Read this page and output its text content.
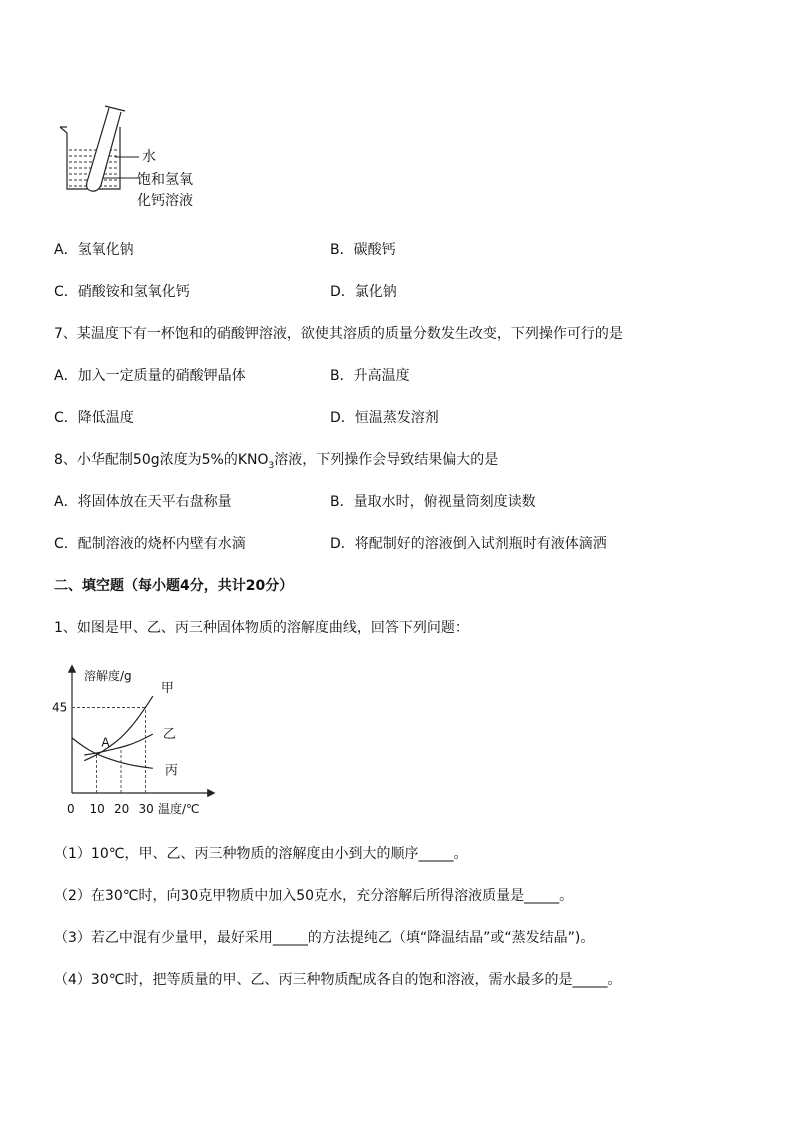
水
饱和氢氧
化钙溶液
A．氢氧化钠	B．碳酸钙
C．硝酸铵和氢氧化钙	D．氯化钠
7、某温度下有一杯饱和的硝酸钾溶液，欲使其溶质的质量分数发生改变，下列操作可行的是
A．加入一定质量的硝酸钾晶体	B．升高温度
C．降低温度	D．恒温蒸发溶剂
8、小华配制50g浓度为5%的$KNO_3$溶液，下列操作会导致结果偏大的是
A．将固体放在天平右盘称量	B．量取水时，俯视量筒刻度读数
C．配制溶液的烧杯内壁有水滴	D．将配制好的溶液倒入试剂瓶时有液体滴洒
二、填空题（每小题4分，共计20分）
1、如图是甲、乙、丙三种固体物质的溶解度曲线，回答下列问题：
甲
乙
丙
A
45
0 10 20 30
溶解度/g
温度/℃
（1）10℃，甲、乙、丙三种物质的溶解度由小到大的顺序_____。
（2）在30℃时，向30克甲物质中加入50克水，充分溶解后所得溶液质量是_____。
（3）若乙中混有少量甲，最好采用_____的方法提纯乙（填“降温结晶”或“蒸发结晶”)。
（4）30℃时，把等质量的甲、乙、丙三种物质配成各自的饱和溶液，需水最多的是_____。
